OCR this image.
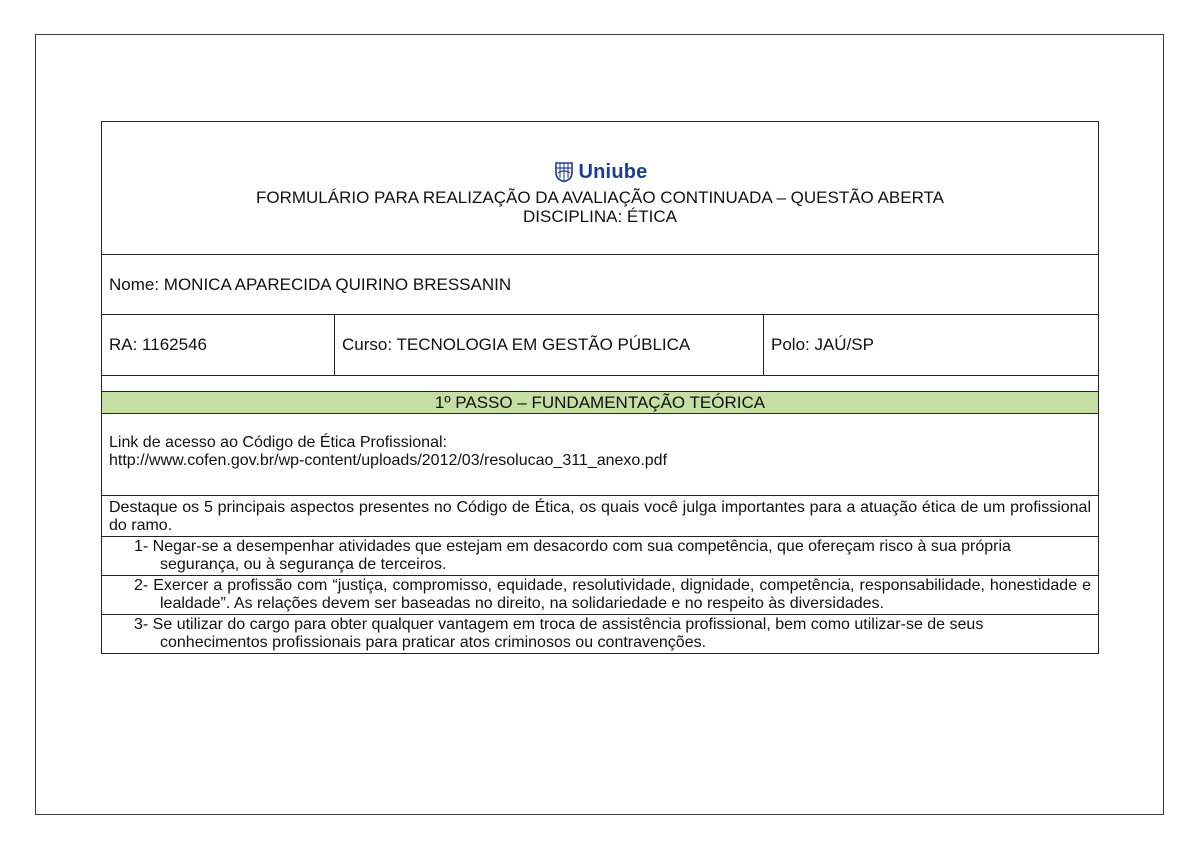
Uniube
FORMULÁRIO PARA REALIZAÇÃO DA AVALIAÇÃO CONTINUADA – QUESTÃO ABERTA
DISCIPLINA: ÉTICA
Nome: MONICA APARECIDA QUIRINO BRESSANIN
RA: 1162546	Curso: TECNOLOGIA EM GESTÃO PÚBLICA	Polo: JAÚ/SP
1º PASSO – FUNDAMENTAÇÃO TEÓRICA
Link de acesso ao Código de Ética Profissional:
http://www.cofen.gov.br/wp-content/uploads/2012/03/resolucao_311_anexo.pdf
Destaque os 5 principais aspectos presentes no Código de Ética, os quais você julga importantes para a atuação ética de um profissional do ramo.
1- Negar-se a desempenhar atividades que estejam em desacordo com sua competência, que ofereçam risco à sua própria segurança, ou à segurança de terceiros.
2- Exercer a profissão com “justiça, compromisso, equidade, resolutividade, dignidade, competência, responsabilidade, honestidade e lealdade”. As relações devem ser baseadas no direito, na solidariedade e no respeito às diversidades.
3- Se utilizar do cargo para obter qualquer vantagem em troca de assistência profissional, bem como utilizar-se de seus conhecimentos profissionais para praticar atos criminosos ou contravenções.
